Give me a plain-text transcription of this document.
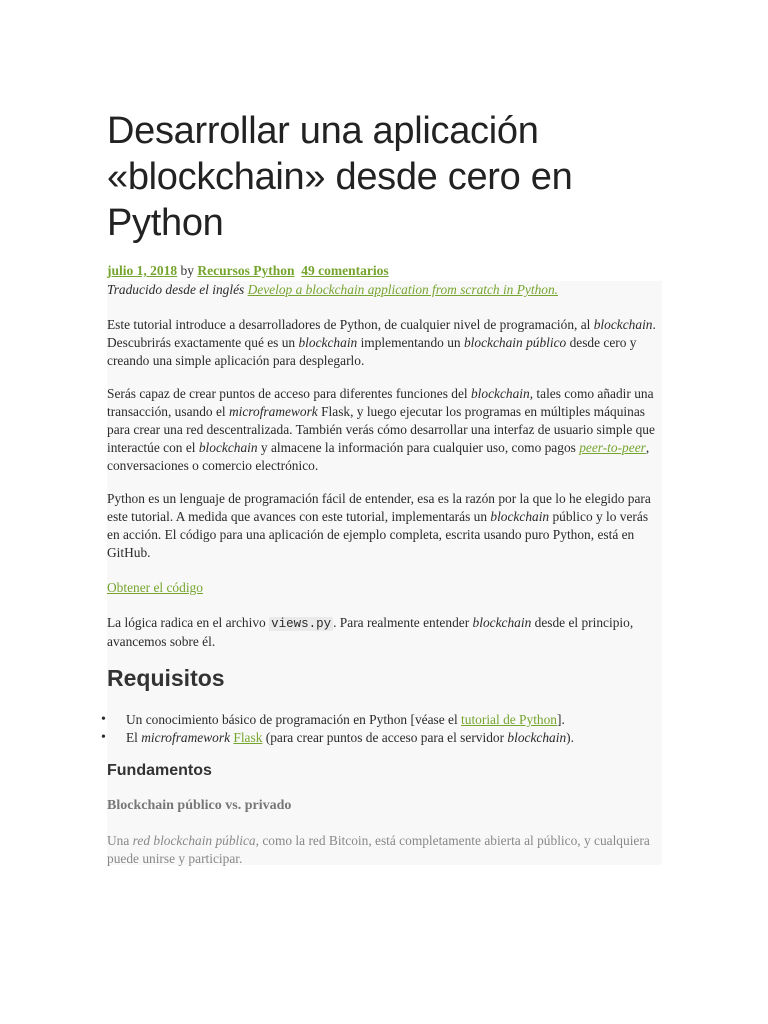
Desarrollar una aplicación «blockchain» desde cero en Python
julio 1, 2018 by Recursos Python 49 comentarios

Traducido desde el inglés Develop a blockchain application from scratch in Python.

Este tutorial introduce a desarrolladores de Python, de cualquier nivel de programación, al blockchain. Descubrirás exactamente qué es un blockchain implementando un blockchain público desde cero y creando una simple aplicación para desplegarlo.

Serás capaz de crear puntos de acceso para diferentes funciones del blockchain, tales como añadir una transacción, usando el microframework Flask, y luego ejecutar los programas en múltiples máquinas para crear una red descentralizada. También verás cómo desarrollar una interfaz de usuario simple que interactúe con el blockchain y almacene la información para cualquier uso, como pagos peer-to-peer, conversaciones o comercio electrónico.

Python es un lenguaje de programación fácil de entender, esa es la razón por la que lo he elegido para este tutorial. A medida que avances con este tutorial, implementarás un blockchain público y lo verás en acción. El código para una aplicación de ejemplo completa, escrita usando puro Python, está en GitHub.

Obtener el código

La lógica radica en el archivo views.py . Para realmente entender blockchain desde el principio, avancemos sobre él.

Requisitos
• Un conocimiento básico de programación en Python [véase el tutorial de Python].
• El microframework Flask (para crear puntos de acceso para el servidor blockchain).
Fundamentos
Blockchain público vs. privado

Una red blockchain pública, como la red Bitcoin, está completamente abierta al público, y cualquiera puede unirse y participar.
